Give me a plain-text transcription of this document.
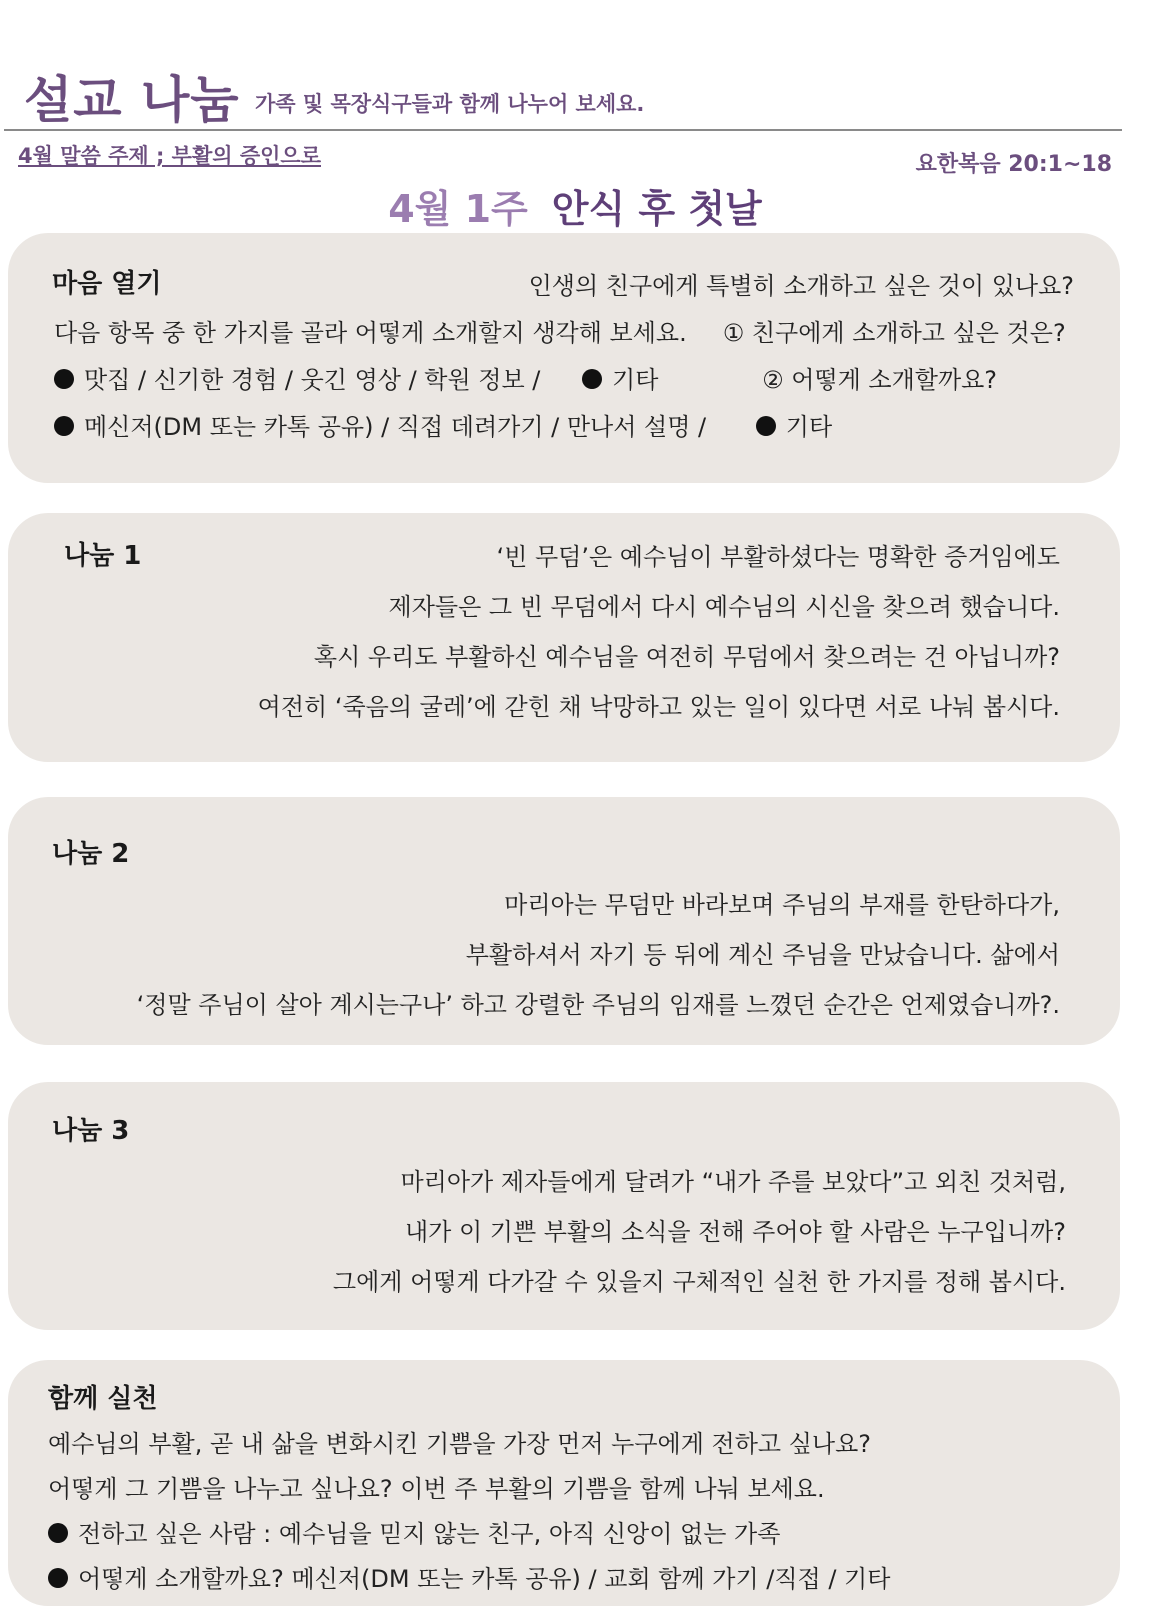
설교 나눔 가족 및 목장식구들과 함께 나누어 보세요.
4월 말씀 주제 ; 부활의 증인으로	요한복음 20:1~18
4월 1주 안식 후 첫날
마음 열기	인생의 친구에게 특별히 소개하고 싶은 것이 있나요?
다음 항목 중 한 가지를 골라 어떻게 소개할지 생각해 보세요. ① 친구에게 소개하고 싶은 것은?
맛집 / 신기한 경험 / 웃긴 영상 / 학원 정보 /	기타	② 어떻게 소개할까요?
메신저(DM 또는 카톡 공유) / 직접 데려가기 / 만나서 설명 /	기타
나눔 1	‘빈 무덤’은 예수님이 부활하셨다는 명확한 증거임에도
제자들은 그 빈 무덤에서 다시 예수님의 시신을 찾으려 했습니다.
혹시 우리도 부활하신 예수님을 여전히 무덤에서 찾으려는 건 아닙니까?
여전히 ‘죽음의 굴레’에 갇힌 채 낙망하고 있는 일이 있다면 서로 나눠 봅시다.
나눔 2
마리아는 무덤만 바라보며 주님의 부재를 한탄하다가,
부활하셔서 자기 등 뒤에 계신 주님을 만났습니다. 삶에서
‘정말 주님이 살아 계시는구나’ 하고 강렬한 주님의 임재를 느꼈던 순간은 언제였습니까?.
나눔 3
마리아가 제자들에게 달려가 “내가 주를 보았다”고 외친 것처럼,
내가 이 기쁜 부활의 소식을 전해 주어야 할 사람은 누구입니까?
그에게 어떻게 다가갈 수 있을지 구체적인 실천 한 가지를 정해 봅시다.
함께 실천
예수님의 부활, 곧 내 삶을 변화시킨 기쁨을 가장 먼저 누구에게 전하고 싶나요?
어떻게 그 기쁨을 나누고 싶나요? 이번 주 부활의 기쁨을 함께 나눠 보세요.
전하고 싶은 사람 : 예수님을 믿지 않는 친구, 아직 신앙이 없는 가족
어떻게 소개할까요? 메신저(DM 또는 카톡 공유) / 교회 함께 가기 /직접 / 기타
